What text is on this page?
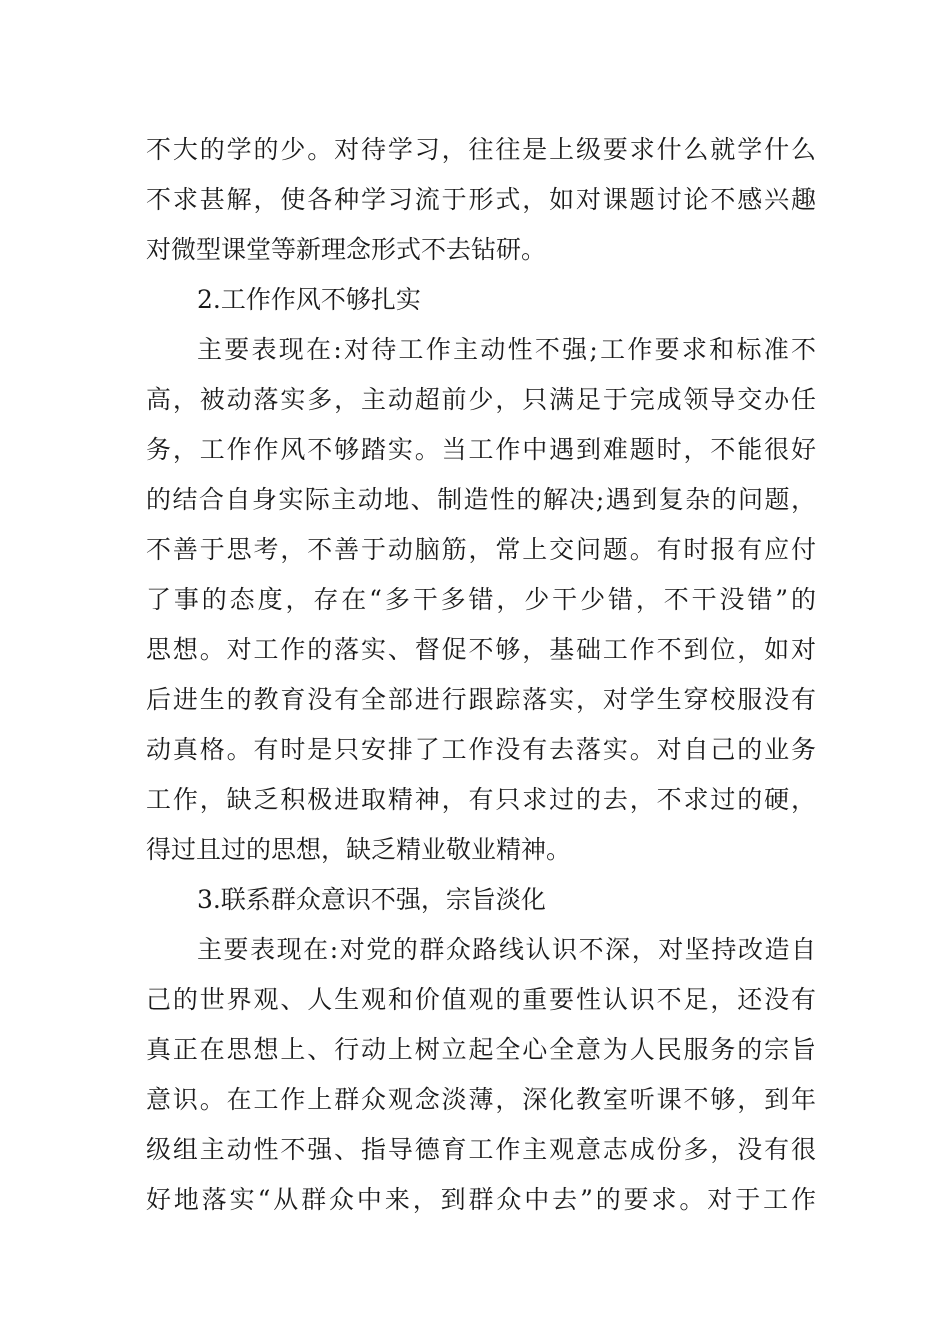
不大的学的少。对待学习，往往是上级要求什么就学什么
不求甚解，使各种学习流于形式，如对课题讨论不感兴趣
对微型课堂等新理念形式不去钻研。
2.工作作风不够扎实
主要表现在:对待工作主动性不强;工作要求和标准不
高，被动落实多，主动超前少，只满足于完成领导交办任
务，工作作风不够踏实。当工作中遇到难题时，不能很好
的结合自身实际主动地、制造性的解决;遇到复杂的问题，
不善于思考，不善于动脑筋，常上交问题。有时报有应付
了事的态度，存在“多干多错，少干少错，不干没错”的
思想。对工作的落实、督促不够，基础工作不到位，如对
后进生的教育没有全部进行跟踪落实，对学生穿校服没有
动真格。有时是只安排了工作没有去落实。对自己的业务
工作，缺乏积极进取精神，有只求过的去，不求过的硬，
得过且过的思想，缺乏精业敬业精神。
3.联系群众意识不强，宗旨淡化
主要表现在:对党的群众路线认识不深，对坚持改造自
己的世界观、人生观和价值观的重要性认识不足，还没有
真正在思想上、行动上树立起全心全意为人民服务的宗旨
意识。在工作上群众观念淡薄，深化教室听课不够，到年
级组主动性不强、指导德育工作主观意志成份多，没有很
好地落实“从群众中来，到群众中去”的要求。对于工作
